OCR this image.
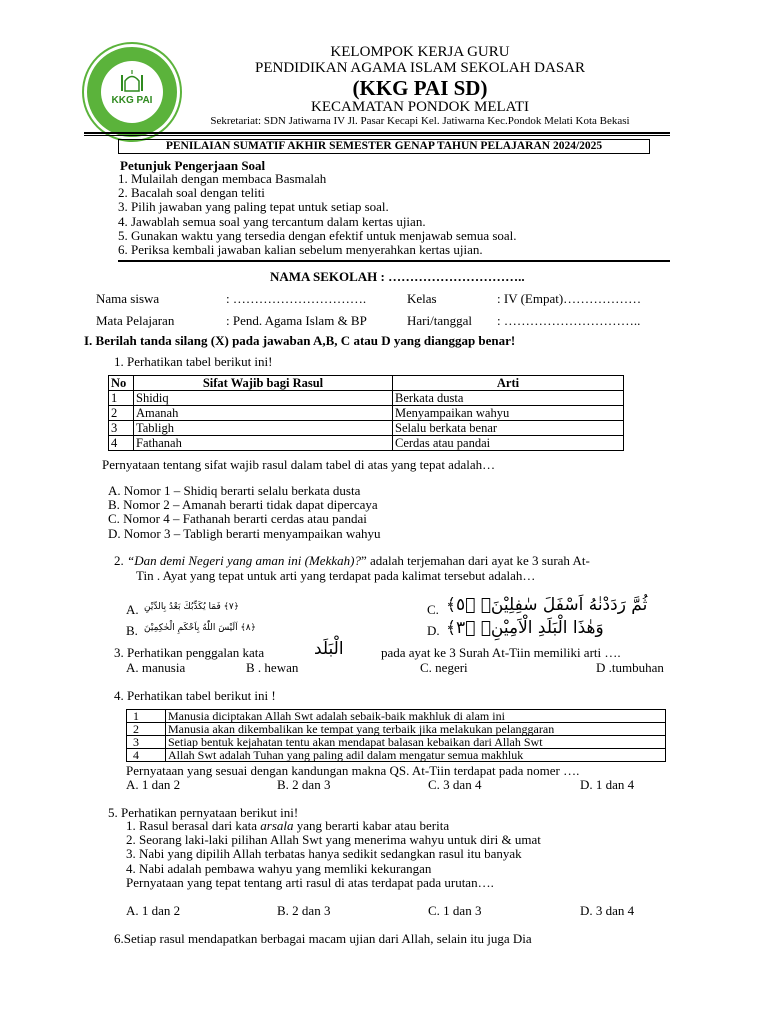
KKG PAI
KELOMPOK KERJA GURU
PENDIDIKAN AGAMA ISLAM SEKOLAH DASAR
(KKG PAI SD)
KECAMATAN PONDOK MELATI
Sekretariat: SDN Jatiwarna IV Jl. Pasar Kecapi Kel. Jatiwarna Kec.Pondok Melati Kota Bekasi
PENILAIAN SUMATIF AKHIR SEMESTER GENAP TAHUN PELAJARAN 2024/2025
Petunjuk Pengerjaan Soal
1. Mulailah dengan membaca Basmalah
2. Bacalah soal dengan teliti
3. Pilih jawaban yang paling tepat untuk setiap soal.
4. Jawablah semua soal yang tercantum dalam kertas ujian.
5. Gunakan waktu yang tersedia dengan efektif untuk menjawab semua soal.
6. Periksa kembali jawaban kalian sebelum menyerahkan kertas ujian.
NAMA SEKOLAH : …………………………..
Nama siswa	: ………………………….	Kelas	: IV (Empat)………………
Mata Pelajaran	: Pend. Agama Islam & BP	Hari/tanggal : …………………………..
I. Berilah tanda silang (X) pada jawaban A,B, C atau D yang dianggap benar!
1. Perhatikan tabel berikut ini!
No	Sifat Wajib bagi Rasul	Arti
1	Shidiq	Berkata dusta
2	Amanah	Menyampaikan wahyu
3	Tabligh	Selalu berkata benar
4	Fathanah	Cerdas atau pandai
Pernyataan tentang sifat wajib rasul dalam tabel di atas yang tepat adalah…
A. Nomor 1 – Shidiq berarti selalu berkata dusta
B. Nomor 2 – Amanah berarti tidak dapat dipercaya
C. Nomor 4 – Fathanah berarti cerdas atau pandai
D. Nomor 3 – Tabligh berarti menyampaikan wahyu
2. “Dan demi Negeri yang aman ini (Mekkah)?” adalah terjemahan dari ayat ke 3 surah At-
Tin . Ayat yang tepat untuk arti yang terdapat pada kalimat tersebut adalah…
A. ﴿٧﴾ فَمَا يُكَذِّبُكَ بَعْدُ بِالدِّيْنِ
B. ﴿٨﴾ اَلَيْسَ اللّٰهُ بِاَحْكَمِ الْحٰكِمِيْنَ
C. ثُمَّ رَدَدْنٰهُ اَسْفَلَ سٰفِلِيْنَۙ ﴿٥﴾
D. وَهٰذَا الْبَلَدِ الْاَمِيْنِۙ ﴿٣﴾
3. Perhatikan penggalan kata	الْبَلَد	pada ayat ke 3 Surah At-Tiin memiliki arti ….
A. manusia	B . hewan	C. negeri	D .tumbuhan
4. Perhatikan tabel berikut ini !
1	Manusia diciptakan Allah Swt adalah sebaik-baik makhluk di alam ini
2	Manusia akan dikembalikan ke tempat yang terbaik jika melakukan pelanggaran
3	Setiap bentuk kejahatan tentu akan mendapat balasan kebaikan dari Allah Swt
4	Allah Swt adalah Tuhan yang paling adil dalam mengatur semua makhluk
Pernyataan yang sesuai dengan kandungan makna QS. At-Tiin terdapat pada nomer ….
A. 1 dan 2	B. 2 dan 3	C. 3 dan 4	D. 1 dan 4
5. Perhatikan pernyataan berikut ini!
1. Rasul berasal dari kata arsala yang berarti kabar atau berita
2. Seorang laki-laki pilihan Allah Swt yang menerima wahyu untuk diri & umat
3. Nabi yang dipilih Allah terbatas hanya sedikit sedangkan rasul itu banyak
4. Nabi adalah pembawa wahyu yang memliki kekurangan
Pernyataan yang tepat tentang arti rasul di atas terdapat pada urutan….
A. 1 dan 2	B. 2 dan 3	C. 1 dan 3	D. 3 dan 4
6.Setiap rasul mendapatkan berbagai macam ujian dari Allah, selain itu juga Dia
